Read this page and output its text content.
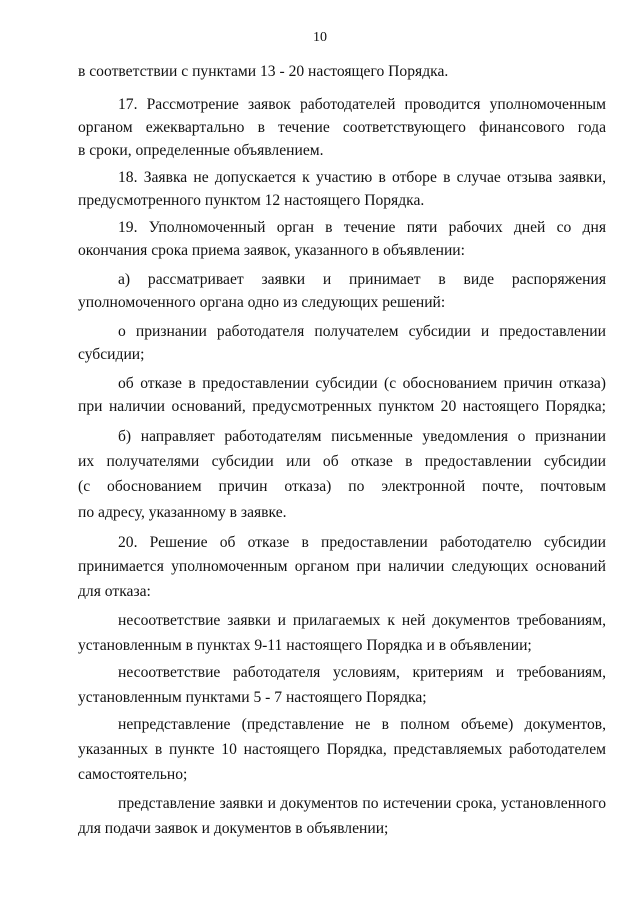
10
в соответствии с пунктами 13 - 20 настоящего Порядка.
17. Рассмотрение заявок работодателей проводится уполномоченным
органом ежеквартально в течение соответствующего финансового года
в сроки, определенные объявлением.
18. Заявка не допускается к участию в отборе в случае отзыва заявки,
предусмотренного пунктом 12 настоящего Порядка.
19. Уполномоченный орган в течение пяти рабочих дней со дня
окончания срока приема заявок, указанного в объявлении:
а) рассматривает заявки и принимает в виде распоряжения
уполномоченного органа одно из следующих решений:
о признании работодателя получателем субсидии и предоставлении
субсидии;
об отказе в предоставлении субсидии (с обоснованием причин отказа)
при наличии оснований, предусмотренных пунктом 20 настоящего Порядка;
б) направляет работодателям письменные уведомления о признании
их получателями субсидии или об отказе в предоставлении субсидии
(с обоснованием причин отказа) по электронной почте, почтовым
по адресу, указанному в заявке.
20. Решение об отказе в предоставлении работодателю субсидии
принимается уполномоченным органом при наличии следующих оснований
для отказа:
несоответствие заявки и прилагаемых к ней документов требованиям,
установленным в пунктах 9-11 настоящего Порядка и в объявлении;
несоответствие работодателя условиям, критериям и требованиям,
установленным пунктами 5 - 7 настоящего Порядка;
непредставление (представление не в полном объеме) документов,
указанных в пункте 10 настоящего Порядка, представляемых работодателем
самостоятельно;
представление заявки и документов по истечении срока, установленного
для подачи заявок и документов в объявлении;
